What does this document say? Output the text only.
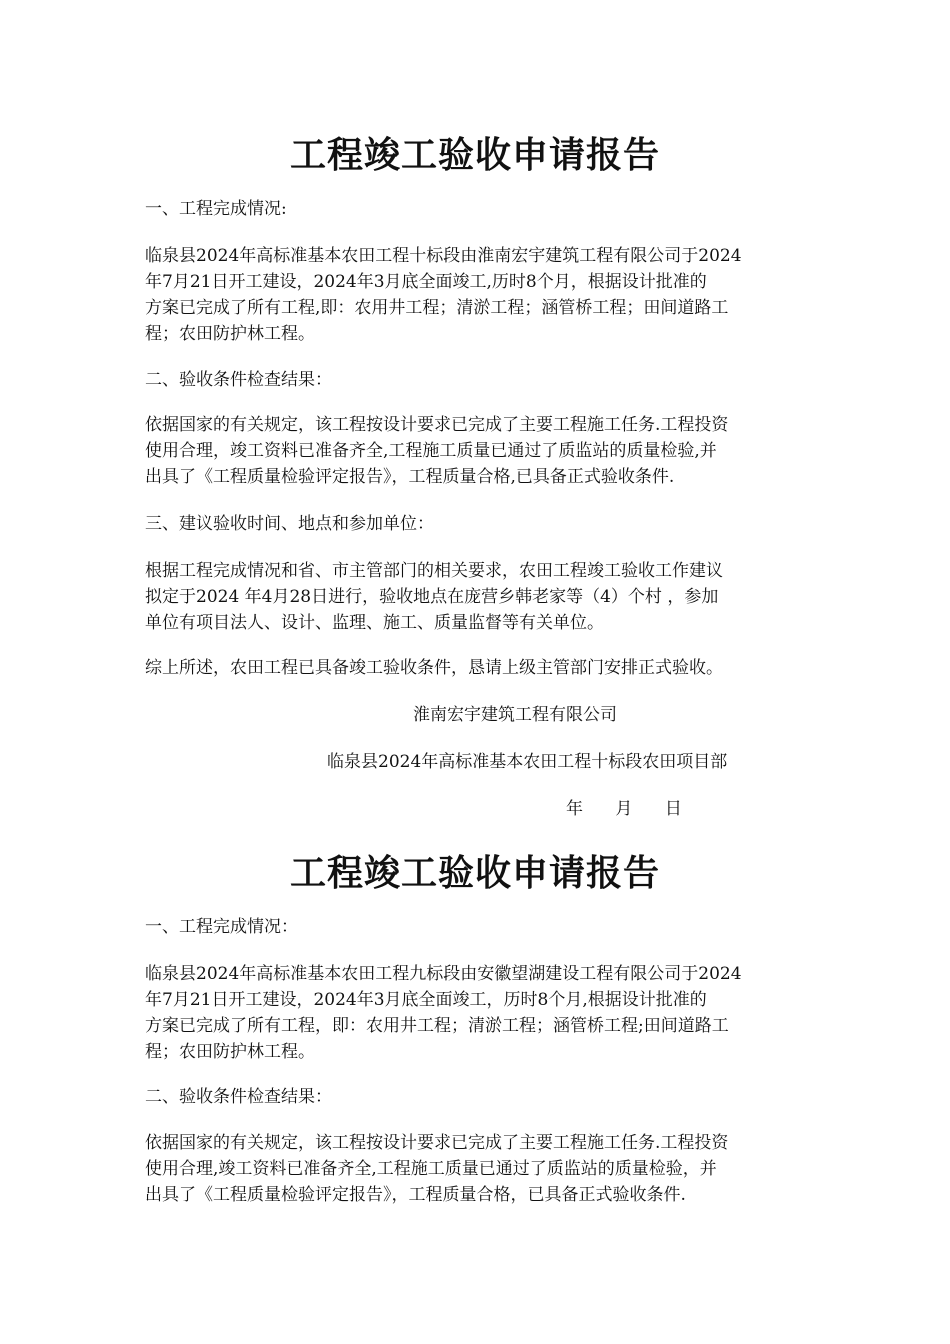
工程竣工验收申请报告
一、工程完成情况:
临泉县2024年高标准基本农田工程十标段由淮南宏宇建筑工程有限公司于2024
年7月21日开工建设，2024年3月底全面竣工,历时8个月，根据设计批准的
方案已完成了所有工程,即：农用井工程；清淤工程；涵管桥工程；田间道路工
程；农田防护林工程。
二、验收条件检查结果：
依据国家的有关规定，该工程按设计要求已完成了主要工程施工任务.工程投资
使用合理，竣工资料已准备齐全,工程施工质量已通过了质监站的质量检验,并
出具了《工程质量检验评定报告》，工程质量合格,已具备正式验收条件.
三、建议验收时间、地点和参加单位：
根据工程完成情况和省、市主管部门的相关要求，农田工程竣工验收工作建议
拟定于2024 年4月28日进行，验收地点在庞营乡韩老家等（4）个村 ，参加
单位有项目法人、设计、监理、施工、质量监督等有关单位。
综上所述，农田工程已具备竣工验收条件，恳请上级主管部门安排正式验收。
淮南宏宇建筑工程有限公司
临泉县2024年高标准基本农田工程十标段农田项目部
年      月      日
工程竣工验收申请报告
一、工程完成情况：
临泉县2024年高标准基本农田工程九标段由安徽望湖建设工程有限公司于2024
年7月21日开工建设，2024年3月底全面竣工，历时8个月,根据设计批准的
方案已完成了所有工程，即：农用井工程；清淤工程；涵管桥工程;田间道路工
程；农田防护林工程。
二、验收条件检查结果：
依据国家的有关规定，该工程按设计要求已完成了主要工程施工任务.工程投资
使用合理,竣工资料已准备齐全,工程施工质量已通过了质监站的质量检验，并
出具了《工程质量检验评定报告》，工程质量合格，已具备正式验收条件.
